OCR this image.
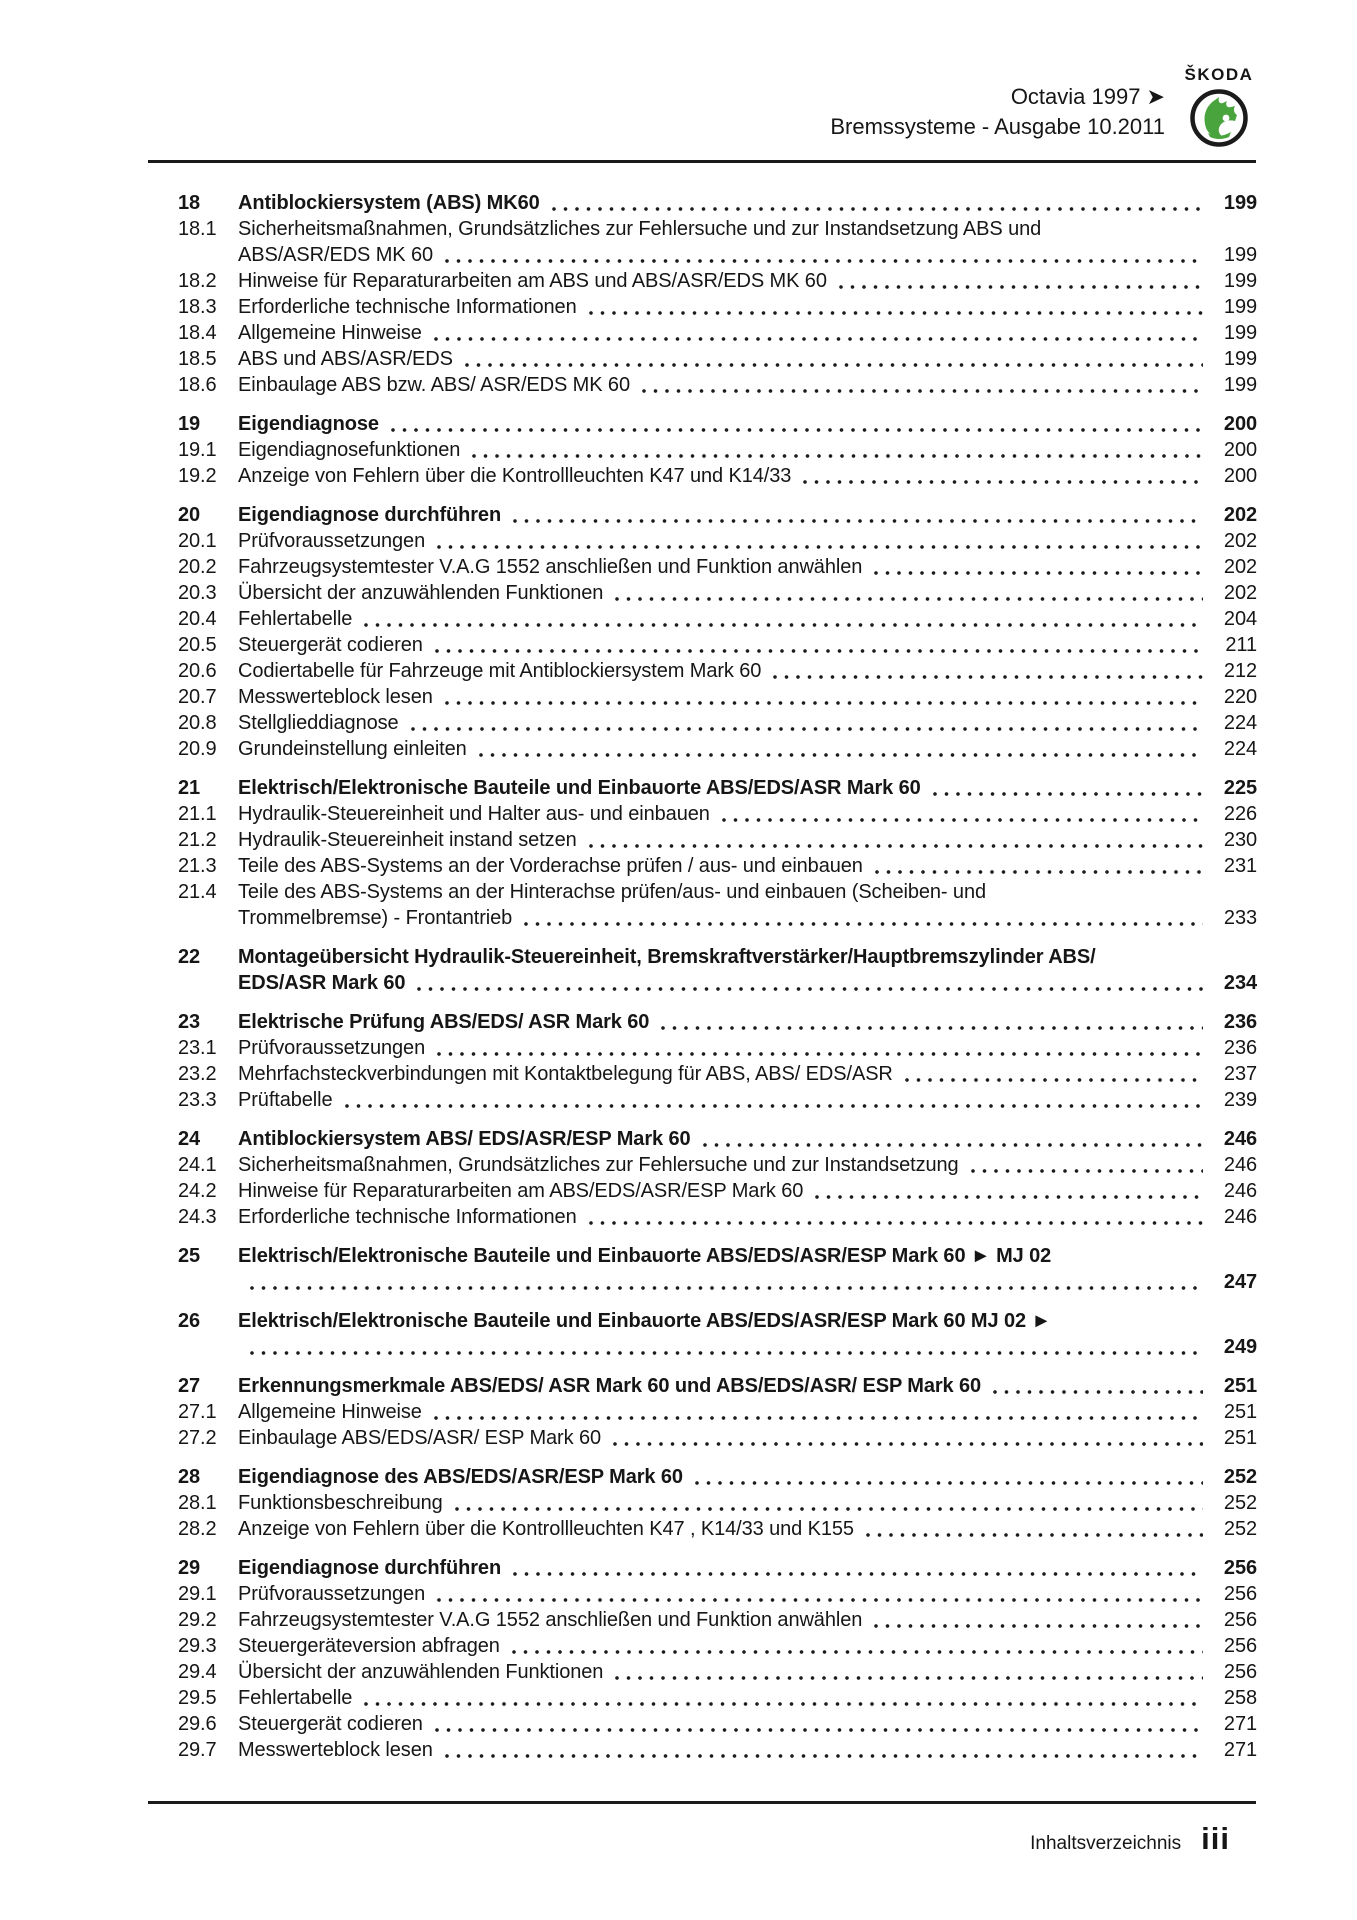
Octavia 1997 ➤
Bremssysteme - Ausgabe 10.2011
ŠKODA
18	Antiblockiersystem (ABS) MK60	199
18.1	Sicherheitsmaßnahmen, Grundsätzliches zur Fehlersuche und zur Instandsetzung ABS und
ABS/ASR/EDS MK 60	199
18.2	Hinweise für Reparaturarbeiten am ABS und ABS/ASR/EDS MK 60	199
18.3	Erforderliche technische Informationen	199
18.4	Allgemeine Hinweise	199
18.5	ABS und ABS/ASR/EDS	199
18.6	Einbaulage ABS bzw. ABS/ ASR/EDS MK 60	199
19	Eigendiagnose	200
19.1	Eigendiagnosefunktionen	200
19.2	Anzeige von Fehlern über die Kontrollleuchten K47 und K14/33	200
20	Eigendiagnose durchführen	202
20.1	Prüfvoraussetzungen	202
20.2	Fahrzeugsystemtester V.A.G 1552 anschließen und Funktion anwählen	202
20.3	Übersicht der anzuwählenden Funktionen	202
20.4	Fehlertabelle	204
20.5	Steuergerät codieren	211
20.6	Codiertabelle für Fahrzeuge mit Antiblockiersystem Mark 60	212
20.7	Messwerteblock lesen	220
20.8	Stellglieddiagnose	224
20.9	Grundeinstellung einleiten	224
21	Elektrisch/Elektronische Bauteile und Einbauorte ABS/EDS/ASR Mark 60	225
21.1	Hydraulik-Steuereinheit und Halter aus- und einbauen	226
21.2	Hydraulik-Steuereinheit instand setzen	230
21.3	Teile des ABS-Systems an der Vorderachse prüfen / aus- und einbauen	231
21.4	Teile des ABS-Systems an der Hinterachse prüfen/aus- und einbauen (Scheiben- und
Trommelbremse) - Frontantrieb	233
22	Montageübersicht Hydraulik-Steuereinheit, Bremskraftverstärker/Hauptbremszylinder ABS/
EDS/ASR Mark 60	234
23	Elektrische Prüfung ABS/EDS/ ASR Mark 60	236
23.1	Prüfvoraussetzungen	236
23.2	Mehrfachsteckverbindungen mit Kontaktbelegung für ABS, ABS/ EDS/ASR	237
23.3	Prüftabelle	239
24	Antiblockiersystem ABS/ EDS/ASR/ESP Mark 60	246
24.1	Sicherheitsmaßnahmen, Grundsätzliches zur Fehlersuche und zur Instandsetzung	246
24.2	Hinweise für Reparaturarbeiten am ABS/EDS/ASR/ESP Mark 60	246
24.3	Erforderliche technische Informationen	246
25	Elektrisch/Elektronische Bauteile und Einbauorte ABS/EDS/ASR/ESP Mark 60 ► MJ 02
247
26	Elektrisch/Elektronische Bauteile und Einbauorte ABS/EDS/ASR/ESP Mark 60 MJ 02 ►
249
27	Erkennungsmerkmale ABS/EDS/ ASR Mark 60 und ABS/EDS/ASR/ ESP Mark 60	251
27.1	Allgemeine Hinweise	251
27.2	Einbaulage ABS/EDS/ASR/ ESP Mark 60	251
28	Eigendiagnose des ABS/EDS/ASR/ESP Mark 60	252
28.1	Funktionsbeschreibung	252
28.2	Anzeige von Fehlern über die Kontrollleuchten K47 , K14/33 und K155	252
29	Eigendiagnose durchführen	256
29.1	Prüfvoraussetzungen	256
29.2	Fahrzeugsystemtester V.A.G 1552 anschließen und Funktion anwählen	256
29.3	Steuergeräteversion abfragen	256
29.4	Übersicht der anzuwählenden Funktionen	256
29.5	Fehlertabelle	258
29.6	Steuergerät codieren	271
29.7	Messwerteblock lesen	271
Inhaltsverzeichnis iii
